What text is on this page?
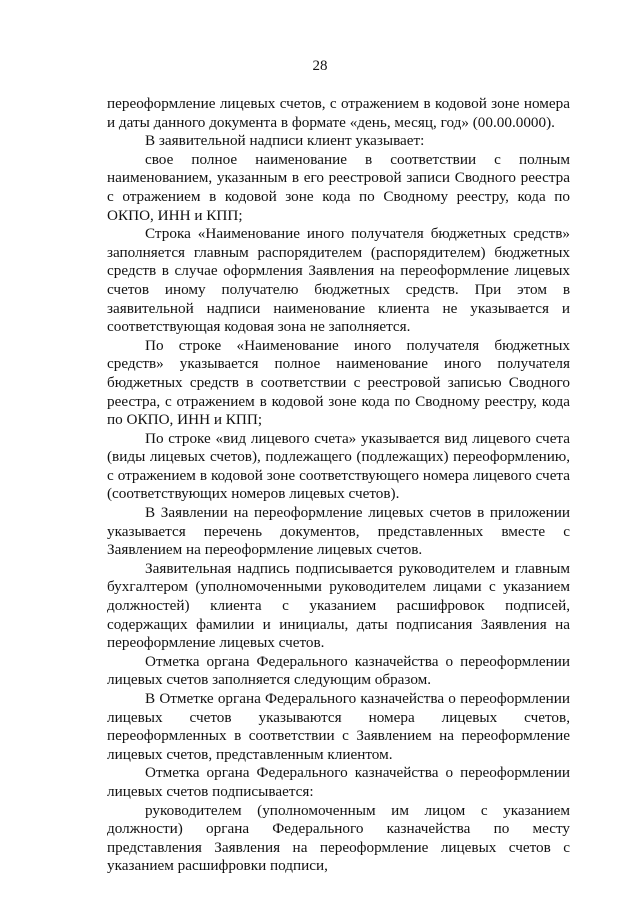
28

переоформление лицевых счетов, с отражением в кодовой зоне номера и даты данного документа в формате «день, месяц, год» (00.00.0000).

В заявительной надписи клиент указывает:

свое полное наименование в соответствии с полным наименованием, указанным в его реестровой записи Сводного реестра с отражением в кодовой зоне кода по Сводному реестру, кода по ОКПО, ИНН и КПП;

Строка «Наименование иного получателя бюджетных средств» заполняется главным распорядителем (распорядителем) бюджетных средств в случае оформления Заявления на переоформление лицевых счетов иному получателю бюджетных средств. При этом в заявительной надписи наименование клиента не указывается и соответствующая кодовая зона не заполняется.

По строке «Наименование иного получателя бюджетных средств» указывается полное наименование иного получателя бюджетных средств в соответствии с реестровой записью Сводного реестра, с отражением в кодовой зоне кода по Сводному реестру, кода по ОКПО, ИНН и КПП;

По строке «вид лицевого счета» указывается вид лицевого счета (виды лицевых счетов), подлежащего (подлежащих) переоформлению, с отражением в кодовой зоне соответствующего номера лицевого счета (соответствующих номеров лицевых счетов).

В Заявлении на переоформление лицевых счетов в приложении указывается перечень документов, представленных вместе с Заявлением на переоформление лицевых счетов.

Заявительная надпись подписывается руководителем и главным бухгалтером (уполномоченными руководителем лицами с указанием должностей) клиента с указанием расшифровок подписей, содержащих фамилии и инициалы, даты подписания Заявления на переоформление лицевых счетов.

Отметка органа Федерального казначейства о переоформлении лицевых счетов заполняется следующим образом.

В Отметке органа Федерального казначейства о переоформлении лицевых счетов указываются номера лицевых счетов, переоформленных в соответствии с Заявлением на переоформление лицевых счетов, представленным клиентом.

Отметка органа Федерального казначейства о переоформлении лицевых счетов подписывается:

руководителем (уполномоченным им лицом с указанием должности) органа Федерального казначейства по месту представления Заявления на переоформление лицевых счетов с указанием расшифровки подписи,
